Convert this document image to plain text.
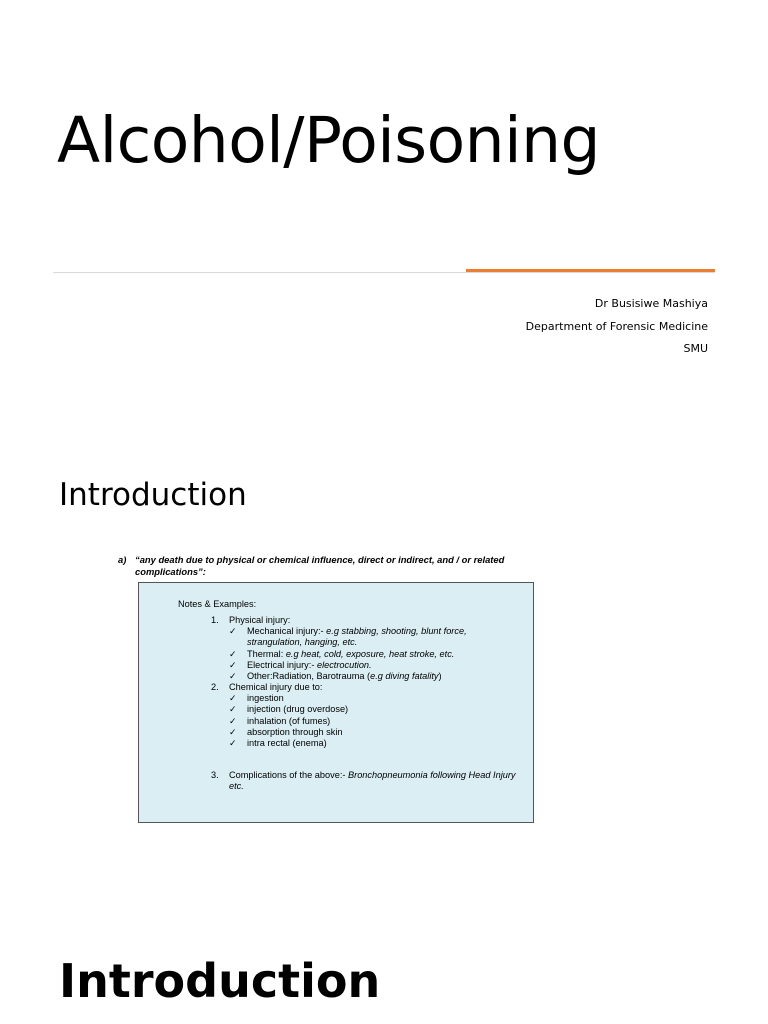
Alcohol/Poisoning
Dr Busisiwe Mashiya
Department of Forensic Medicine
SMU
Introduction
a) “any death due to physical or chemical influence, direct or indirect, and / or related complications”:
Notes & Examples:
1. Physical injury:
✓ Mechanical injury:- e.g stabbing, shooting, blunt force, strangulation, hanging, etc.
✓ Thermal: e.g heat, cold, exposure, heat stroke, etc.
✓ Electrical injury:- electrocution.
✓ Other:Radiation, Barotrauma (e.g diving fatality)
2. Chemical injury due to:
✓ ingestion
✓ injection (drug overdose)
✓ inhalation (of fumes)
✓ absorption through skin
✓ intra rectal (enema)
3. Complications of the above:- Bronchopneumonia following Head Injury etc.
Introduction
